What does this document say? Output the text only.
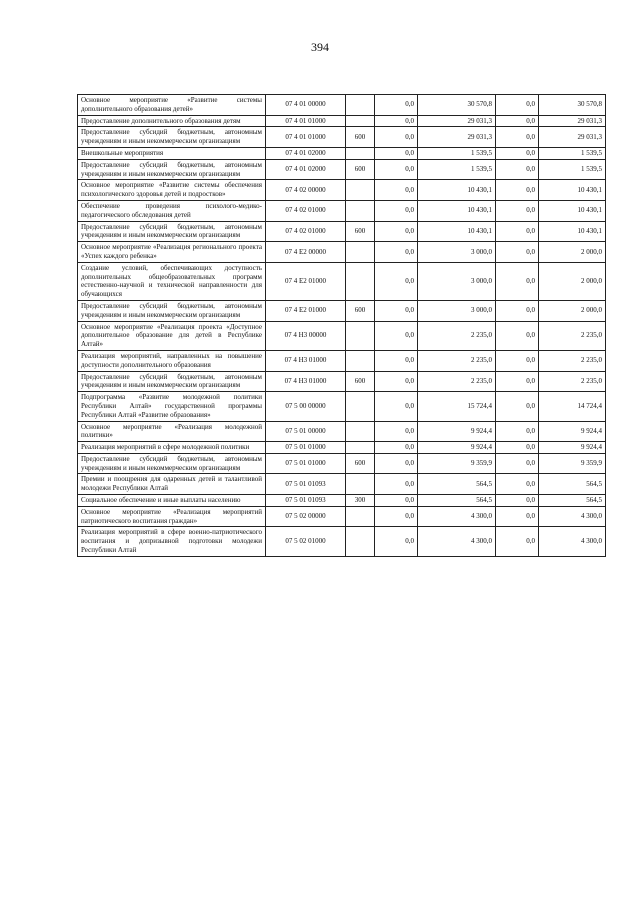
394
Основное мероприятие «Развитие системы дополнительного образования детей»	07 4 01 00000		0,0	30 570,8	0,0	30 570,8
Предоставление дополнительного образования детям	07 4 01 01000		0,0	29 031,3	0,0	29 031,3
Предоставление субсидий бюджетным, автономным учреждениям и иным некоммерческим организациям	07 4 01 01000	600	0,0	29 031,3	0,0	29 031,3
Внешкольные мероприятия	07 4 01 02000		0,0	1 539,5	0,0	1 539,5
Предоставление субсидий бюджетным, автономным учреждениям и иным некоммерческим организациям	07 4 01 02000	600	0,0	1 539,5	0,0	1 539,5
Основное мероприятие «Развитие системы обеспечения психологического здоровья детей и подростков»	07 4 02 00000		0,0	10 430,1	0,0	10 430,1
Обеспечение проведения психолого-медико-педагогического обследования детей	07 4 02 01000		0,0	10 430,1	0,0	10 430,1
Предоставление субсидий бюджетным, автономным учреждениям и иным некоммерческим организациям	07 4 02 01000	600	0,0	10 430,1	0,0	10 430,1
Основное мероприятие «Реализация регионального проекта «Успех каждого ребенка»	07 4 E2 00000		0,0	3 000,0	0,0	2 000,0
Создание условий, обеспечивающих доступность дополнительных общеобразовательных программ естественно-научной и технической направленности для обучающихся	07 4 E2 01000		0,0	3 000,0	0,0	2 000,0
Предоставление субсидий бюджетным, автономным учреждениям и иным некоммерческим организациям	07 4 E2 01000	600	0,0	3 000,0	0,0	2 000,0
Основное мероприятие «Реализация проекта «Доступное дополнительное образование для детей в Республике Алтай»	07 4 Н3 00000		0,0	2 235,0	0,0	2 235,0
Реализация мероприятий, направленных на повышение доступности дополнительного образования	07 4 Н3 01000		0,0	2 235,0	0,0	2 235,0
Предоставление субсидий бюджетным, автономным учреждениям и иным некоммерческим организациям	07 4 Н3 01000	600	0,0	2 235,0	0,0	2 235,0
Подпрограмма «Развитие молодежной политики Республики Алтай» государственной программы Республики Алтай «Развитие образования»	07 5 00 00000		0,0	15 724,4	0,0	14 724,4
Основное мероприятие «Реализация молодежной политики»	07 5 01 00000		0,0	9 924,4	0,0	9 924,4
Реализация мероприятий в сфере молодежной политики	07 5 01 01000		0,0	9 924,4	0,0	9 924,4
Предоставление субсидий бюджетным, автономным учреждениям и иным некоммерческим организациям	07 5 01 01000	600	0,0	9 359,9	0,0	9 359,9
Премии и поощрения для одаренных детей и талантливой молодежи Республики Алтай	07 5 01 01093		0,0	564,5	0,0	564,5
Социальное обеспечение и иные выплаты населению	07 5 01 01093	300	0,0	564,5	0,0	564,5
Основное мероприятие «Реализация мероприятий патриотического воспитания граждан»	07 5 02 00000		0,0	4 300,0	0,0	4 300,0
Реализация мероприятий в сфере военно-патриотического воспитания и допризывной подготовки молодежи Республики Алтай	07 5 02 01000		0,0	4 300,0	0,0	4 300,0
